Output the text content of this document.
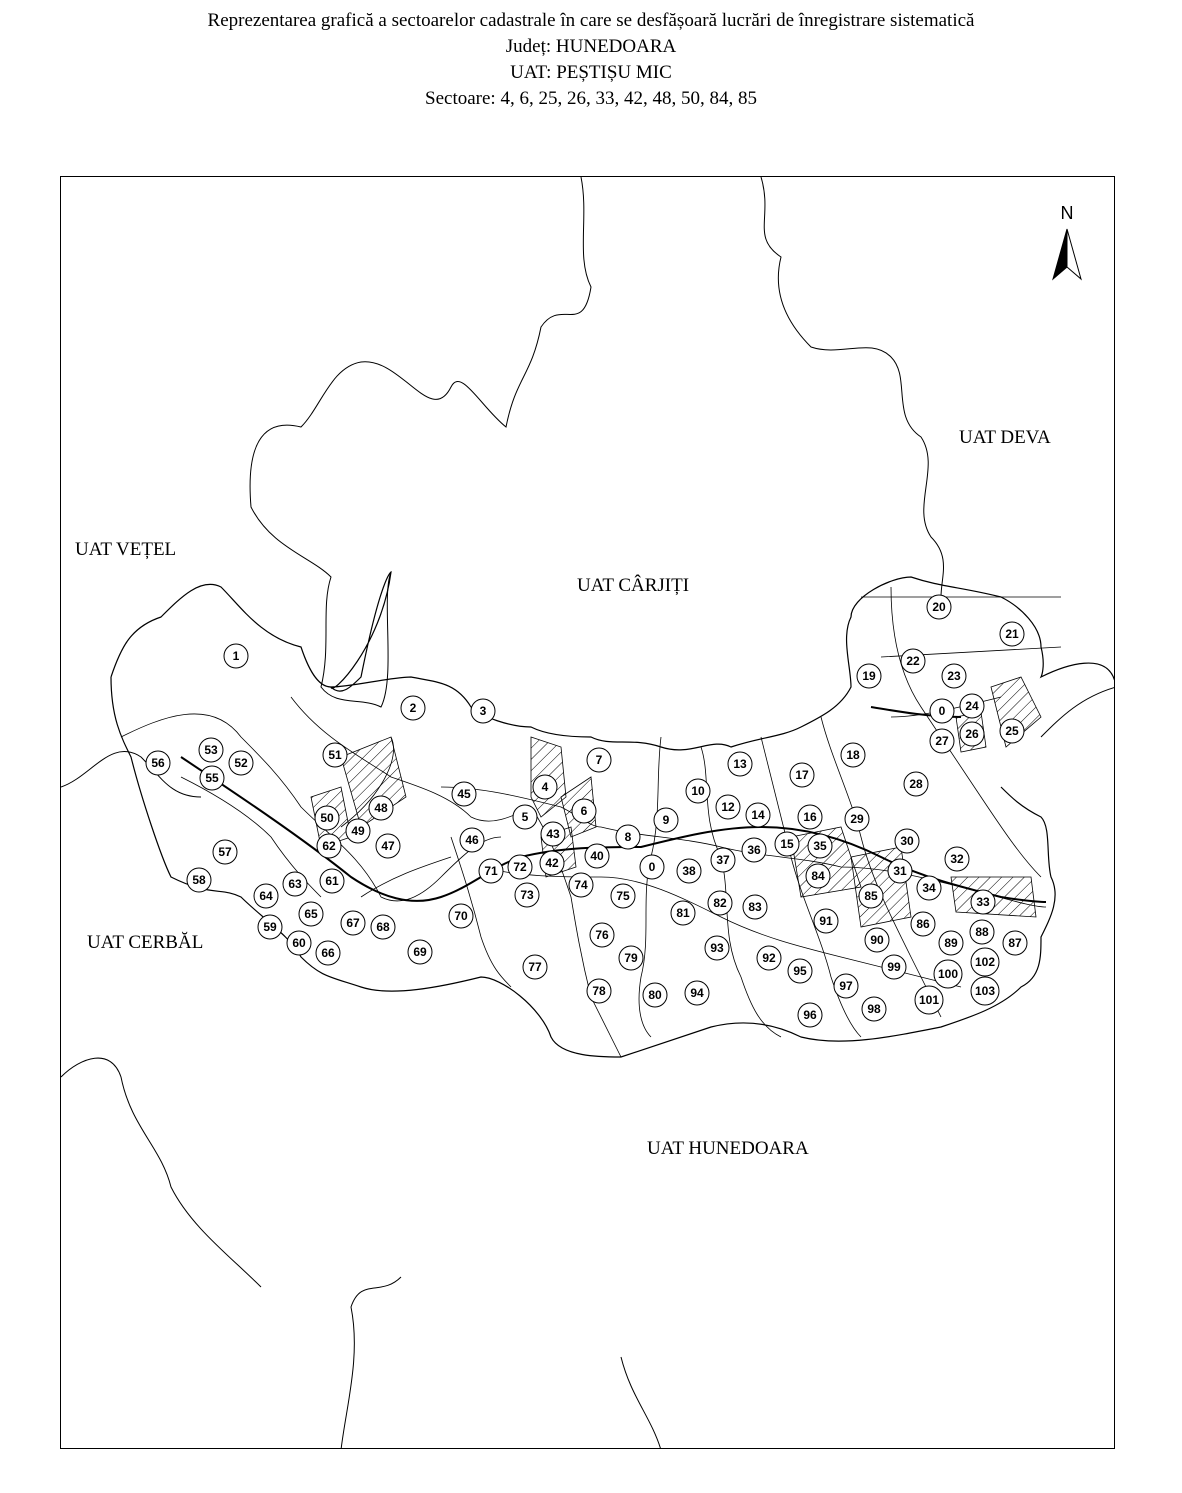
Reprezentarea grafică a sectoarelor cadastrale în care se desfășoară lucrări de înregistrare sistematică
Județ: HUNEDOARA
UAT: PEȘTIȘU MIC
Sectoare: 4, 6, 25, 26, 33, 42, 48, 50, 84, 85
N
UAT VEȚEL
UAT CÂRJIȚI
UAT DEVA
UAT CERBĂL
UAT HUNEDOARA
1
2	3
4
5	6
7
8
9
10
12
13
14
15
16
17
18
19
20
21
22
23
24
0
25
26
27
28
29
30
31
32
33
34
35
36
37
38
0
40
42
43
45
46
47
48
49
50
51
52
53
55
56
57
58
59
60
61
62
63
64
65
66
67 68
69
70
71 72
73
74
75
76
77
78
79
80
81
82 83
84
85
86
87
88
89
90
91
92
93
94
95
96
97
98
99	100
101
102
103
